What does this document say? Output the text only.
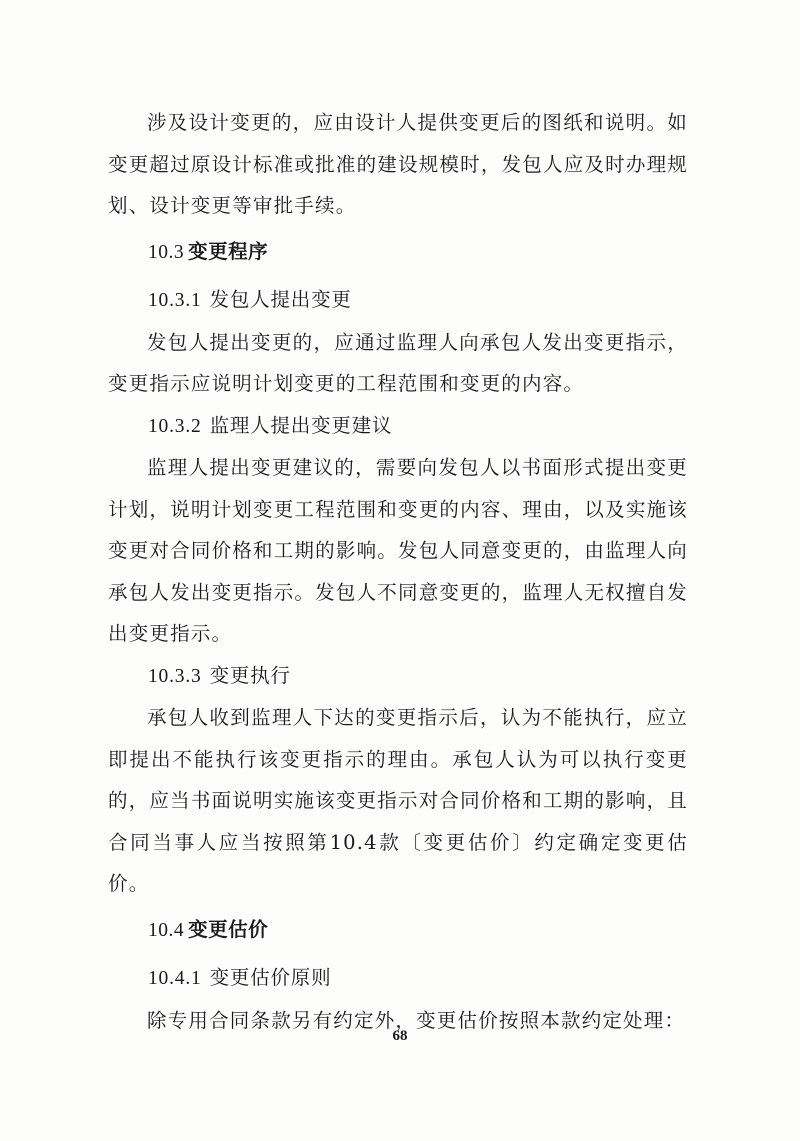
涉及设计变更的，应由设计人提供变更后的图纸和说明。如变更超过原设计标准或批准的建设规模时，发包人应及时办理规划、设计变更等审批手续。

10.3 变更程序
10.3.1 发包人提出变更

发包人提出变更的，应通过监理人向承包人发出变更指示，变更指示应说明计划变更的工程范围和变更的内容。

10.3.2 监理人提出变更建议

监理人提出变更建议的，需要向发包人以书面形式提出变更计划，说明计划变更工程范围和变更的内容、理由，以及实施该变更对合同价格和工期的影响。发包人同意变更的，由监理人向承包人发出变更指示。发包人不同意变更的，监理人无权擅自发出变更指示。

10.3.3 变更执行

承包人收到监理人下达的变更指示后，认为不能执行，应立即提出不能执行该变更指示的理由。承包人认为可以执行变更的，应当书面说明实施该变更指示对合同价格和工期的影响，且合同当事人应当按照第10.4款〔变更估价〕约定确定变更估价。

10.4 变更估价
10.4.1 变更估价原则

除专用合同条款另有约定外，变更估价按照本款约定处理：

68
